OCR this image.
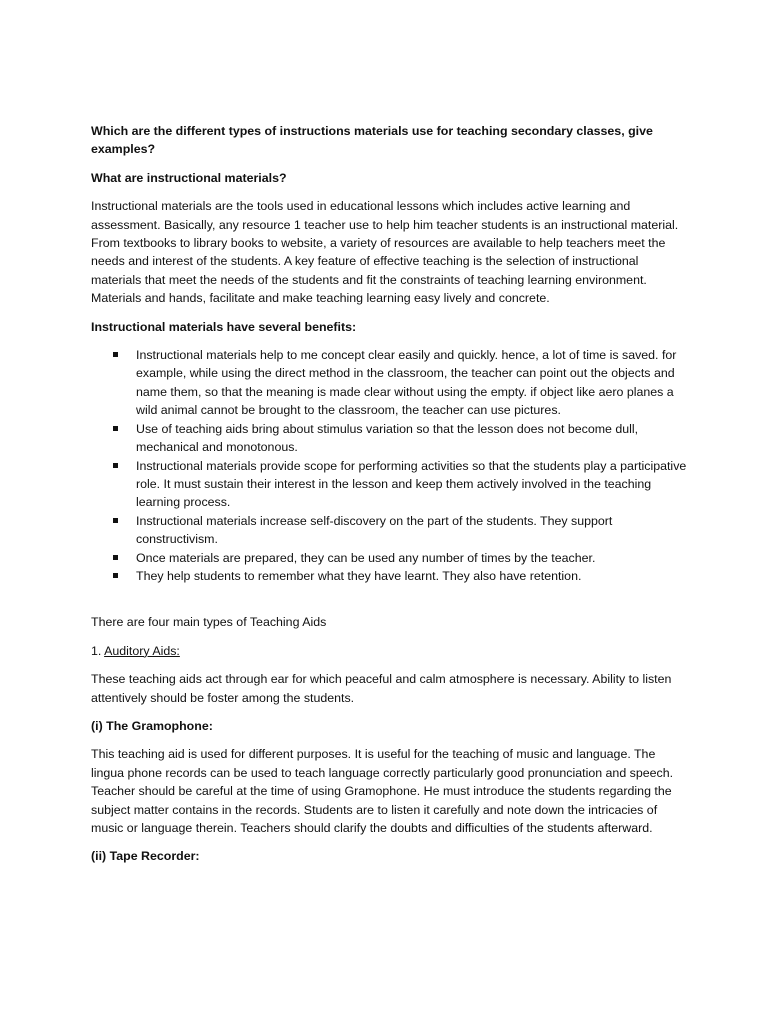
Which are the different types of instructions materials use for teaching secondary classes, give examples?

What are instructional materials?

Instructional materials are the tools used in educational lessons which includes active learning and assessment. Basically, any resource 1 teacher use to help him teacher students is an instructional material. From textbooks to library books to website, a variety of resources are available to help teachers meet the needs and interest of the students. A key feature of effective teaching is the selection of instructional materials that meet the needs of the students and fit the constraints of teaching learning environment. Materials and hands, facilitate and make teaching learning easy lively and concrete.

Instructional materials have several benefits:

Instructional materials help to me concept clear easily and quickly. hence, a lot of time is saved. for example, while using the direct method in the classroom, the teacher can point out the objects and name them, so that the meaning is made clear without using the empty. if object like aero planes a wild animal cannot be brought to the classroom, the teacher can use pictures.
Use of teaching aids bring about stimulus variation so that the lesson does not become dull, mechanical and monotonous.
Instructional materials provide scope for performing activities so that the students play a participative role. It must sustain their interest in the lesson and keep them actively involved in the teaching learning process.
Instructional materials increase self-discovery on the part of the students. They support constructivism.
Once materials are prepared, they can be used any number of times by the teacher.
They help students to remember what they have learnt. They also have retention.

There are four main types of Teaching Aids

1. Auditory Aids:

These teaching aids act through ear for which peaceful and calm atmosphere is necessary. Ability to listen attentively should be foster among the students.

(i) The Gramophone:

This teaching aid is used for different purposes. It is useful for the teaching of music and language. The lingua phone records can be used to teach language correctly particularly good pronunciation and speech. Teacher should be careful at the time of using Gramophone. He must introduce the students regarding the subject matter contains in the records. Students are to listen it carefully and note down the intricacies of music or language therein. Teachers should clarify the doubts and difficulties of the students afterward.

(ii) Tape Recorder:
